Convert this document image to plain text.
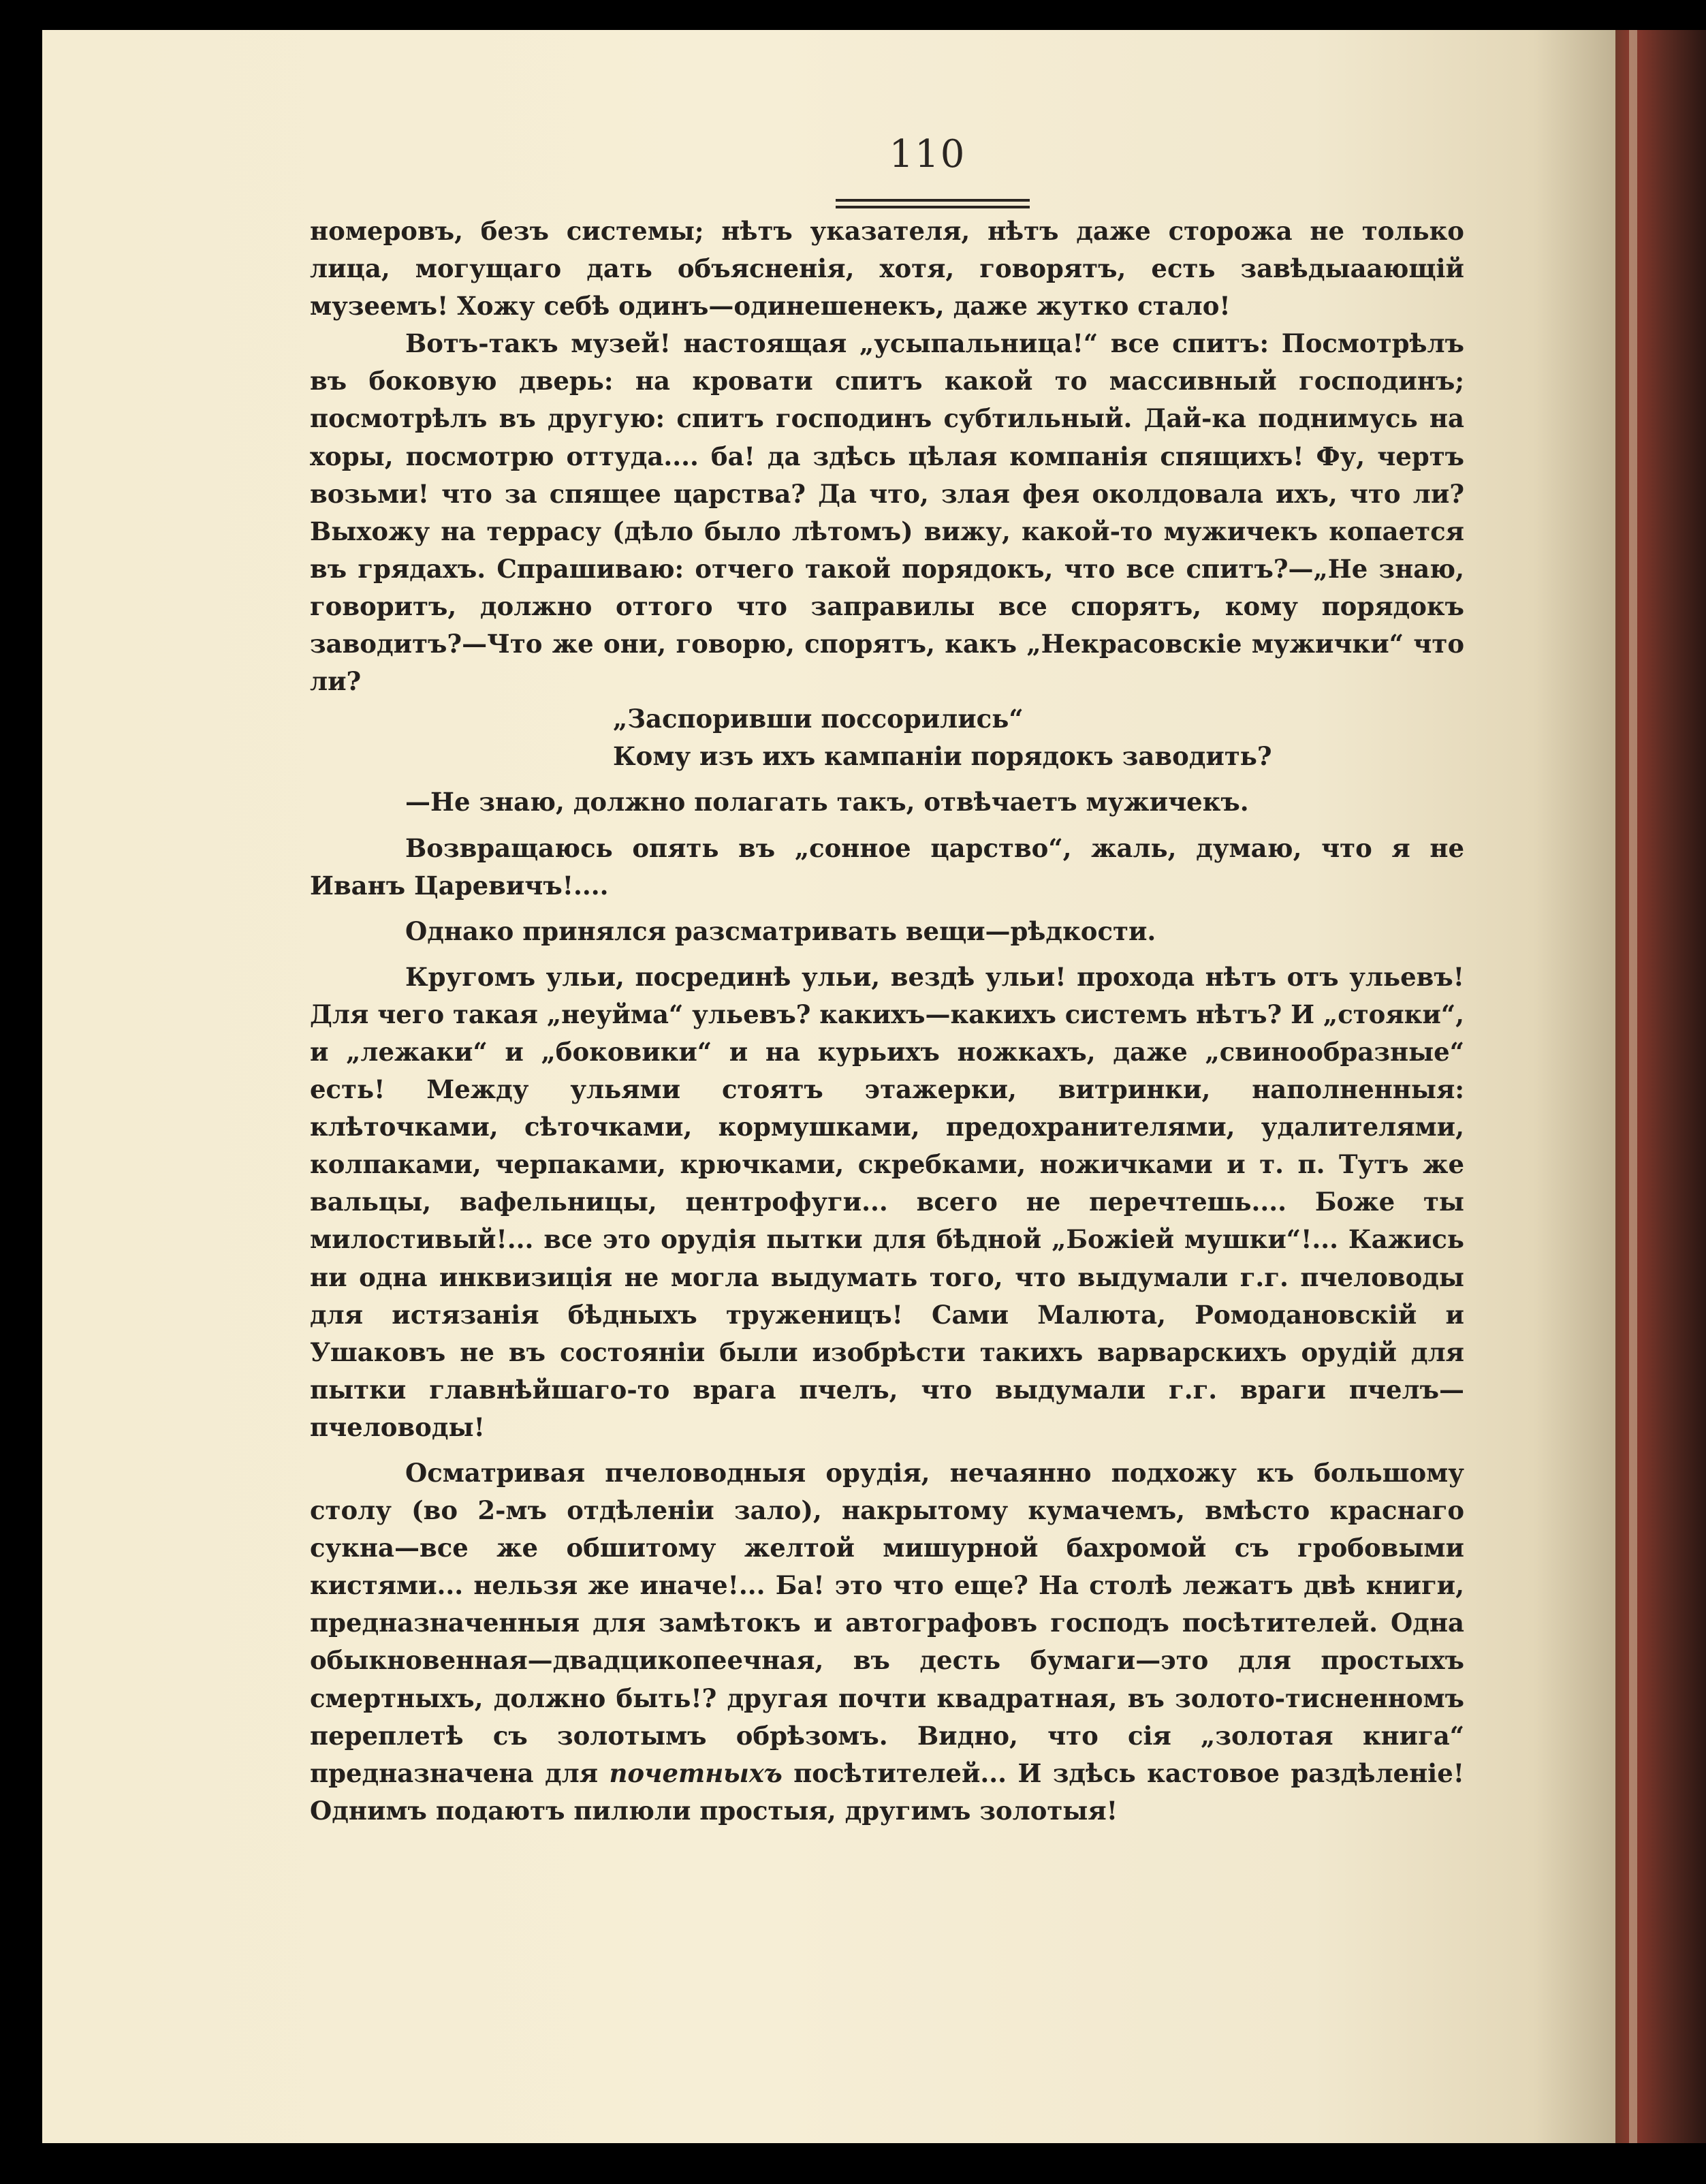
110

номеровъ, безъ системы; нѣтъ указателя, нѣтъ даже сторожа не только лица, могущаго дать объясненія, хотя, говорятъ, есть завѣдыаающій музеемъ! Хожу себѣ одинъ—одинешенекъ, даже жутко стало!

Вотъ-такъ музей! настоящая „усыпальница!“ все спитъ: Посмотрѣлъ въ боковую дверь: на кровати спитъ какой то массивный господинъ; посмотрѣлъ въ другую: спитъ господинъ субтильный. Дай-ка поднимусь на хоры, посмотрю оттуда.... ба! да здѣсь цѣлая компанія спящихъ! Фу, чертъ возьми! что за спящее царства? Да что, злая фея околдовала ихъ, что ли? Выхожу на террасу (дѣло было лѣтомъ) вижу, какой-то мужичекъ копается въ грядахъ. Спрашиваю: отчего такой порядокъ, что все спитъ?—„Не знаю, говоритъ, должно оттого что заправилы все спорятъ, кому порядокъ заводитъ?—Что же они, говорю, спорятъ, какъ „Некрасовскіе мужички“ что ли?

„Заспоривши поссорились“

Кому изъ ихъ кампаніи порядокъ заводить?

—Не знаю, должно полагать такъ, отвѣчаетъ мужичекъ.

Возвращаюсь опять въ „сонное царство“, жаль, думаю, что я не Иванъ Царевичъ!....

Однако принялся разсматривать вещи—рѣдкости.

Кругомъ ульи, посрединѣ ульи, вездѣ ульи! прохода нѣтъ отъ ульевъ! Для чего такая „неуйма“ ульевъ? какихъ—какихъ системъ нѣтъ? И „стояки“, и „лежаки“ и „боковики“ и на курьихъ ножкахъ, даже „свинообразные“ есть! Между ульями стоятъ этажерки, витринки, наполненныя: клѣточками, сѣточками, кормушками, предохранителями, удалителями, колпаками, черпаками, крючками, скребками, ножичками и т. п. Тутъ же вальцы, вафельницы, центрофуги... всего не перечтешь.... Боже ты милостивый!... все это орудія пытки для бѣдной „Божіей мушки“!... Кажись ни одна инквизиція не могла выдумать того, что выдумали г.г. пчеловоды для истязанія бѣдныхъ труженицъ! Сами Малюта, Ромодановскій и Ушаковъ не въ состояніи были изобрѣсти такихъ варварскихъ орудій для пытки главнѣйшаго-то врага пчелъ, что выдумали г.г. враги пчелъ—пчеловоды!

Осматривая пчеловодныя орудія, нечаянно подхожу къ большому столу (во 2-мъ отдѣленіи зало), накрытому кумачемъ, вмѣсто краснаго сукна—все же обшитому желтой мишурной бахромой съ гробовыми кистями... нельзя же иначе!... Ба! это что еще? На столѣ лежатъ двѣ книги, предназначенныя для замѣтокъ и автографовъ господъ посѣтителей. Одна обыкновенная—двадцикопеечная, въ десть бумаги—это для простыхъ смертныхъ, должно быть!? другая почти квадратная, въ золото-тисненномъ переплетѣ съ золотымъ обрѣзомъ. Видно, что сія „золотая книга“ предназначена для почетныхъ посѣтителей... И здѣсь кастовое раздѣленіе! Однимъ подаютъ пилюли простыя, другимъ золотыя!
